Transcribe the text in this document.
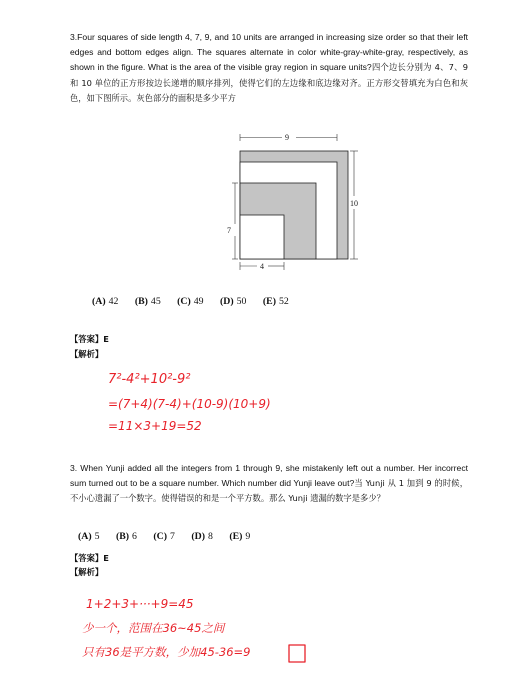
3.Four squares of side length 4, 7, 9, and 10 units are arranged in increasing size order so that their left edges and bottom edges align. The squares alternate in color white-gray-white-gray, respectively, as shown in the figure. What is the area of the visible gray region in square units?四个边长分别为 4、7、9 和 10 单位的正方形按边长递增的顺序排列，使得它们的左边缘和底边缘对齐。正方形交替填充为白色和灰色，如下图所示。灰色部分的面积是多少平方
9
10
7
4
(A) 42 (B) 45 (C) 49 (D) 50 (E) 52
【答案】E
【解析】
7²-4²+10²-9²
=(7+4)(7-4)+(10-9)(10+9)
=11×3+19=52
3. When Yunji added all the integers from 1 through 9, she mistakenly left out a number. Her incorrect sum turned out to be a square number. Which number did Yunji leave out?当 Yunji 从 1 加到 9 的时候，不小心遗漏了一个数字。使得错误的和是一个平方数。那么 Yunji 遗漏的数字是多少？
(A) 5 (B) 6 (C) 7 (D) 8 (E) 9
【答案】E
【解析】
1+2+3+···+9=45
少一个，范围在36~45之间
只有36是平方数，少加45-36=9
